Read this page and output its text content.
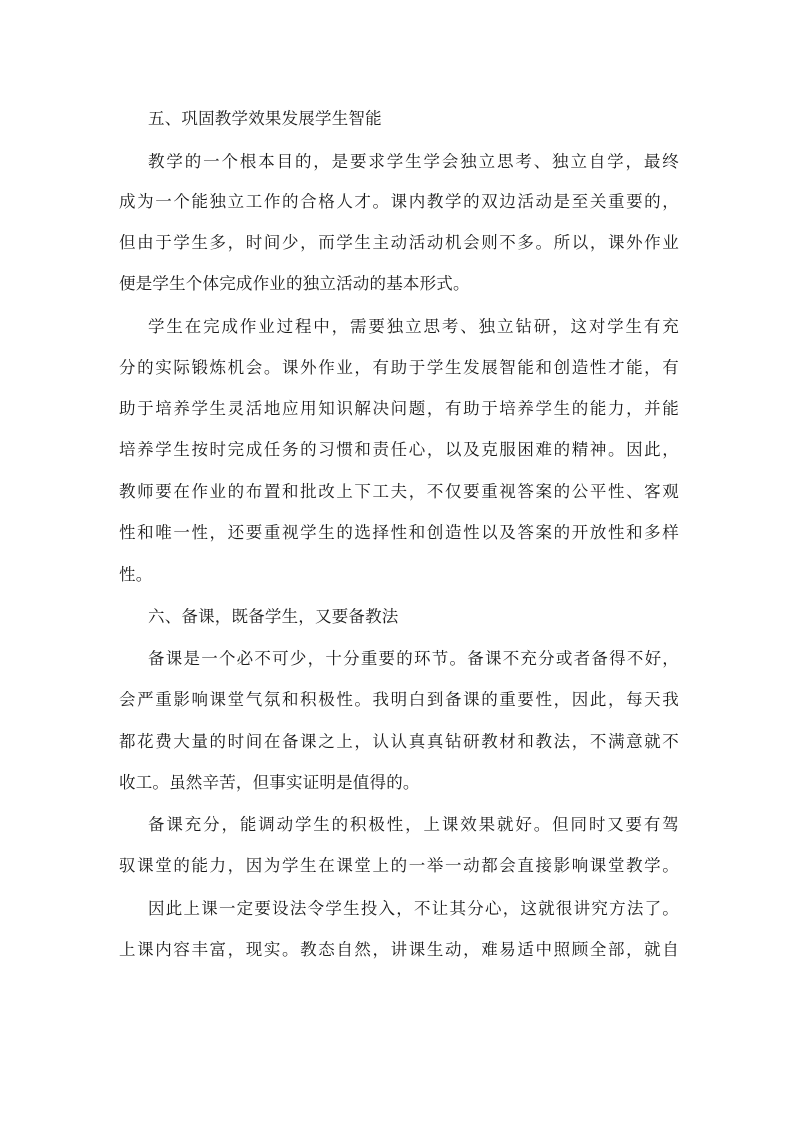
五、巩固教学效果发展学生智能
教学的一个根本目的，是要求学生学会独立思考、独立自学，最终
成为一个能独立工作的合格人才。课内教学的双边活动是至关重要的，
但由于学生多，时间少，而学生主动活动机会则不多。所以，课外作业
便是学生个体完成作业的独立活动的基本形式。
学生在完成作业过程中，需要独立思考、独立钻研，这对学生有充
分的实际锻炼机会。课外作业，有助于学生发展智能和创造性才能，有
助于培养学生灵活地应用知识解决问题，有助于培养学生的能力，并能
培养学生按时完成任务的习惯和责任心，以及克服困难的精神。因此，
教师要在作业的布置和批改上下工夫，不仅要重视答案的公平性、客观
性和唯一性，还要重视学生的选择性和创造性以及答案的开放性和多样
性。
六、备课，既备学生，又要备教法
备课是一个必不可少，十分重要的环节。备课不充分或者备得不好，
会严重影响课堂气氛和积极性。我明白到备课的重要性，因此，每天我
都花费大量的时间在备课之上，认认真真钻研教材和教法，不满意就不
收工。虽然辛苦，但事实证明是值得的。
备课充分，能调动学生的积极性，上课效果就好。但同时又要有驾
驭课堂的能力，因为学生在课堂上的一举一动都会直接影响课堂教学。
因此上课一定要设法令学生投入，不让其分心，这就很讲究方法了。
上课内容丰富，现实。教态自然，讲课生动，难易适中照顾全部，就自
